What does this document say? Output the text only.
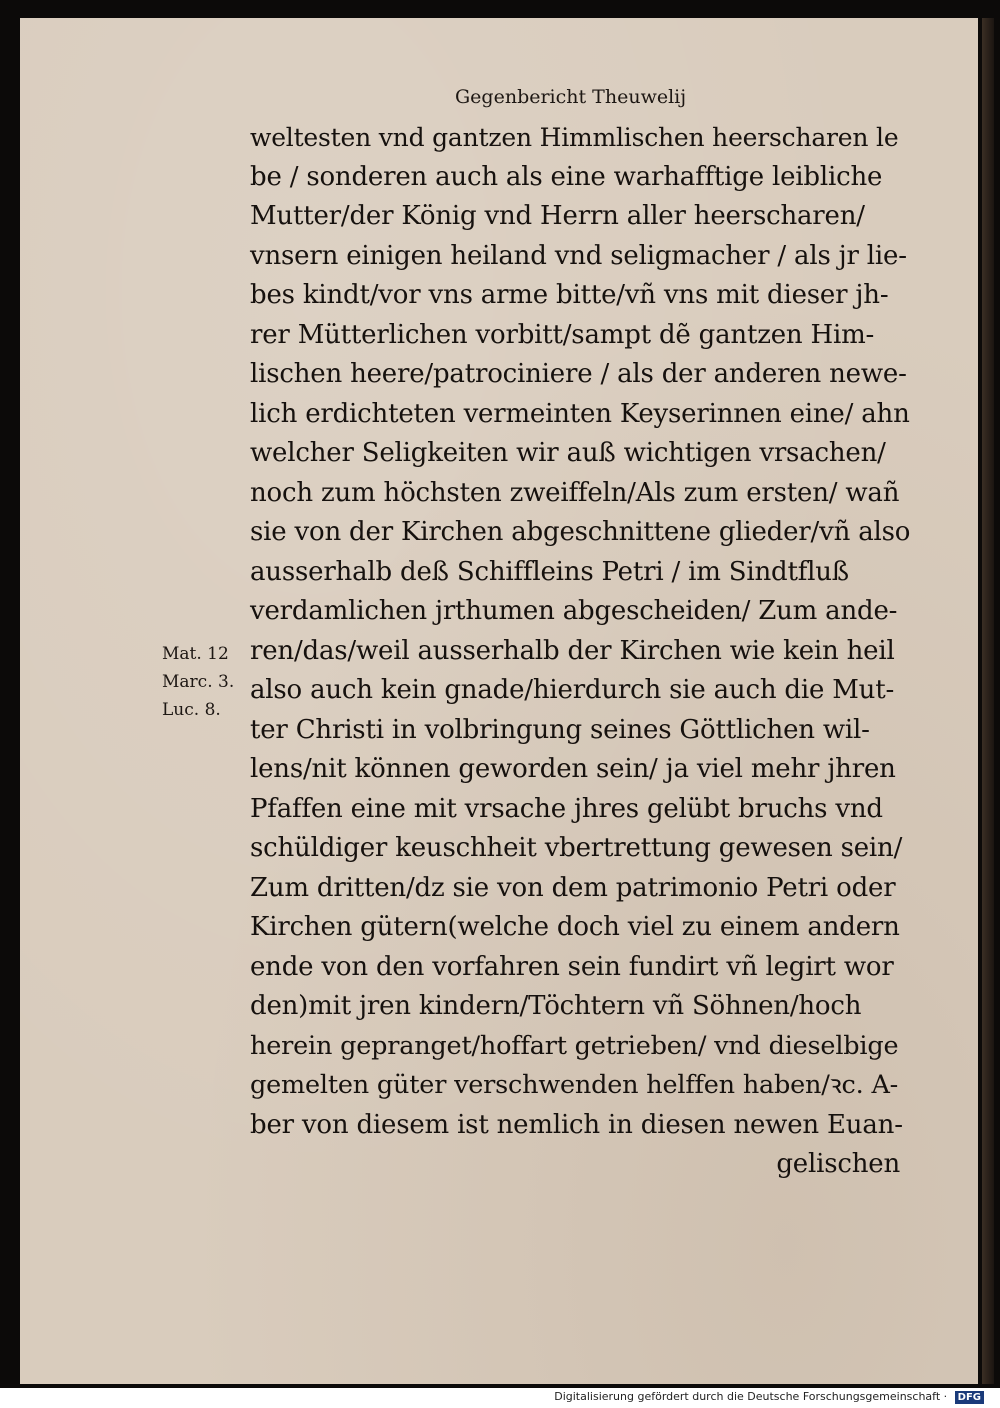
Gegenbericht Theuwelij
Mat. 12
Marc. 3.
Luc. 8.
weltesten vnd gantzen Himmlischen heerscharen le
be / sonderen auch als eine warhafftige leibliche
Mutter/der König vnd Herrn aller heerscharen/
vnsern einigen heiland vnd seligmacher / als jr lie-
bes kindt/vor vns arme bitte/vñ vns mit dieser jh-
rer Mütterlichen vorbitt/sampt dẽ gantzen Him-
lischen heere/patrociniere / als der anderen newe-
lich erdichteten vermeinten Keyserinnen eine/ ahn
welcher Seligkeiten wir auß wichtigen vrsachen/
noch zum höchsten zweiffeln/Als zum ersten/ wañ
sie von der Kirchen abgeschnittene glieder/vñ also
ausserhalb deß Schiffleins Petri / im Sindtfluß
verdamlichen jrthumen abgescheiden/ Zum ande-
ren/das/weil ausserhalb der Kirchen wie kein heil
also auch kein gnade/hierdurch sie auch die Mut-
ter Christi in volbringung seines Göttlichen wil-
lens/nit können geworden sein/ ja viel mehr jhren
Pfaffen eine mit vrsache jhres gelübt bruchs vnd
schüldiger keuschheit vbertrettung gewesen sein/
Zum dritten/dz sie von dem patrimonio Petri oder
Kirchen gütern(welche doch viel zu einem andern
ende von den vorfahren sein fundirt vñ legirt wor
den)mit jren kindern/Töchtern vñ Söhnen/hoch
herein gepranget/hoffart getrieben/ vnd dieselbige
gemelten güter verschwenden helffen haben/ꝛc. A-
ber von diesem ist nemlich in diesen newen Euan-
gelischen
Digitalisierung gefördert durch die Deutsche Forschungsgemeinschaft · DFG
